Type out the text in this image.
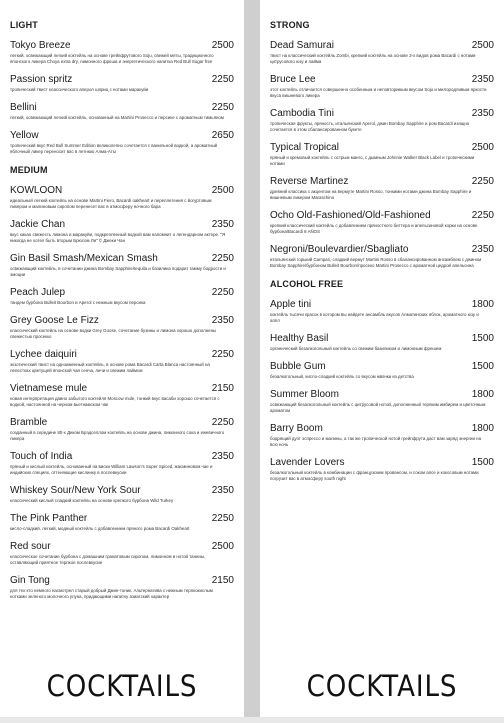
LIGHT
Tokyo Breeze	2500
легкий, освежающий легкий коктейль на основе грейпфрутового Soju, свежей мяты, традиционного японского ликера Choya extra dry, лимонного фреша и энергетического напитка Red Bull Sugar free
Passion spritz	2250
тропический твист классического аперол шприц с нотами маракуйи
Bellini	2250
легкий, освежающий легкий коктейль, основанный на Martini Prosecco и персике с ароматным тимьяном
Yellow	2650
тропический вкус Red Bull Summer Edition великолепно сочетается с ванильной водкой, а ароматный яблочный ликер переносит вас в летнюю Алма-Аты
MEDIUM
KOWLOON	2500
идеальный легкий коктейль на основе Martini Fiero, Bacardi oakheart и переплетения с йогуртовым ликером и малиновым сиропом перенесет вас в атмосферу ночного бара
Jackie Chan	2350
вкус какао свежесть лимона и маракуйи, подкрепленный водкой вам напомнит о легендарном актере. "Я никогда не хотел быть вторым Брюсом Ли" © Джеки Чан
Gin Basil Smash/Mexican Smash	2250
освежающий коктейль, в сочетании джина Bombay Sapphire/tequila и базилика подарит гамму бодрости и эмоции
Peach Julep	2250
тандем бурбона Bulleit Bourbon и Aperol с нежным вкусом персика
Grey Goose Le Fizz	2350
классический коктейль на основе водки Grey Goose, сочетание бузины и лимона хорошо дополнены свежестью просекко
Lychee daiquiri	2250
экзотический твист на одноименный коктейль, в основе рома Bacardi Carta Blanca настоянный на лепестках цветущей японской чая сенча, личи и свежим лаймом
Vietnamese mule	2150
новая интерпретация давно забытого коктейля Moscow mule, тонкий вкус васаби хорошо сочетается с водкой, настоянной на черном вьетнамском чае
Bramble	2250
созданный в середине 80-х Диком Брэдселлом коктейль на основе джина, лимонного сока и ежевичного ликера
Touch of India	2350
пряный и кислый коктейль, основанный на виски William Lawson's Super Spiced, жасминовом чае и индийских специях, оттеняющие кислинку в послевкусии
Whiskey Sour/New York Sour	2350
классический кислый сладкий коктейль на основе крепкого бурбона Wild Turkey
The Pink Panther	2250
кисло-сладкий, легкий, модный коктейль с добавлением пряного рома Bacardi Oakheart
Red sour	2500
классическое сочетание бурбона с домашним гранатовым сиропом, лимонном и нотой танины, оставляющий приятное терпкое послевкусие
Gin Tong	2150
для тех кто немного насмотрел старый добрый Джин-тоник. Альтернатива с нежным терпкокислым нотками зеленого молочного улуна, придающими напитку азиатский характер
COCKTAILS
STRONG
Dead Samurai	2500
твист на классический коктейль Zombi, крепкий коктейль на основе 3-х видов рома Bacardi с нотами цитрусового юзу и лайма
Bruce Lee	2350
этот коктейль отличается совершенно особенным и неповторимым вкусом Soju и милородливым яркости вкуса вишневого ликера
Cambodia Tini	2350
тропическая фрукты, пряность, итальянский Aperol, джин Bombay Sapphire и ром Bacardi изящно сочетается в этом сбалансированном букете
Typical Tropical	2500
пряный и кремовый коктейль с острым манго, с дымным Johnnie Walker Black Label и тропическими нотами
Reverse Martinez	2250
древний классика с акцентом на вермуте Martini Rosso, тонкими нотами джина Bombay Sapphire и вишневым ликером Maraschino
Ocho Old-Fashioned/Old-Fashioned	2250
крепкий классический коктейль с добавлением пряностного биттера и апельсиновой корки на основе бурбона/Bacardi 8 AÑOS
Negroni/Boulevardier/Sbagliato	2350
итальянский горький Campari, сладкий вермут Martini Rosso в сбалансированном ансамблем с джином Bombay Sapphire/бурбоном Bulleit Bourbon/просеко Martini Prosecco с ароматной цедрой апельсина
ALCOHOL FREE
Apple tini	1800
коктейль тысячи красок в котором вы найдете ансамбль вкусов Алматинских яблок, ароматного юзу и аппл
Healthy Basil	1500
органический безалкогольный коктейль со свежим базиликом и лимонным фрешем
Bubble Gum	1500
безалкогольный, кисло-сладкий коктейль со вкусом жвачки из детства
Summer Bloom	1800
освежающий безалкогольный коктейль с цитрусовой нотой, дополненный терпким имбирем и цветочным ароматом
Barry Boom	1800
бодрящий дуэт эспрессо и малины, а так же тропической нотой грейпфрута даст вам заряд энергии на всю ночь
Lavender Lovers	1500
безалкогольный коктейль в комбинации с французским провансом, и соком апсе и кокосовым нотами погрузит вас в атмосферу south night
COCKTAILS
